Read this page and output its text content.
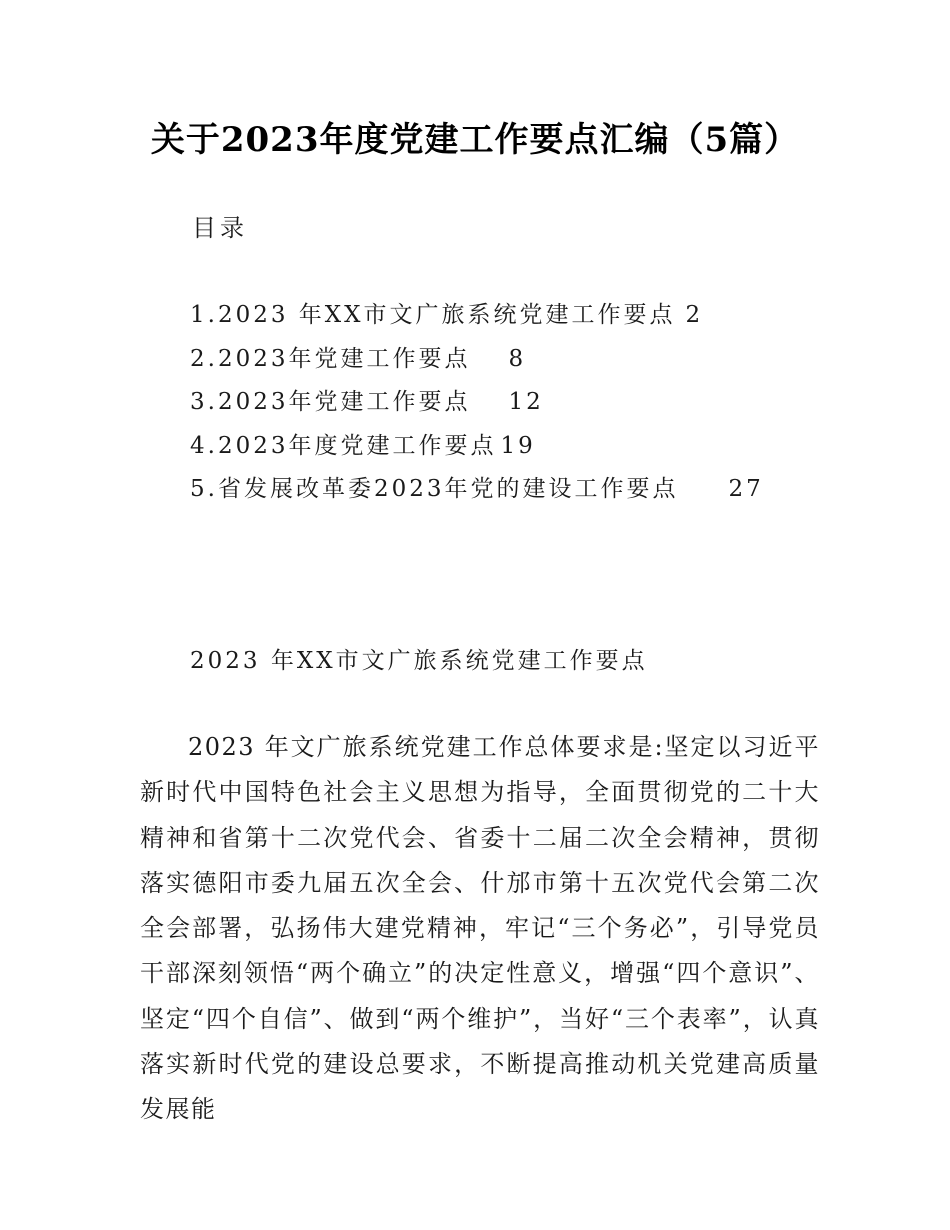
关于2023年度党建工作要点汇编（5篇）
目录
1.2023 年XX市文广旅系统党建工作要点 2
2.2023年党建工作要点 8
3.2023年党建工作要点 12
4.2023年度党建工作要点 19
5.省发展改革委2023年党的建设工作要点 27
2023 年XX市文广旅系统党建工作要点

2023 年文广旅系统党建工作总体要求是:坚定以习近平新时代中国特色社会主义思想为指导，全面贯彻党的二十大精神和省第十二次党代会、省委十二届二次全会精神，贯彻落实德阳市委九届五次全会、什邡市第十五次党代会第二次全会部署，弘扬伟大建党精神，牢记“三个务必”，引导党员干部深刻领悟“两个确立”的决定性意义，增强“四个意识”、坚定“四个自信”、做到“两个维护”，当好“三个表率”，认真落实新时代党的建设总要求，不断提高推动机关党建高质量发展能
